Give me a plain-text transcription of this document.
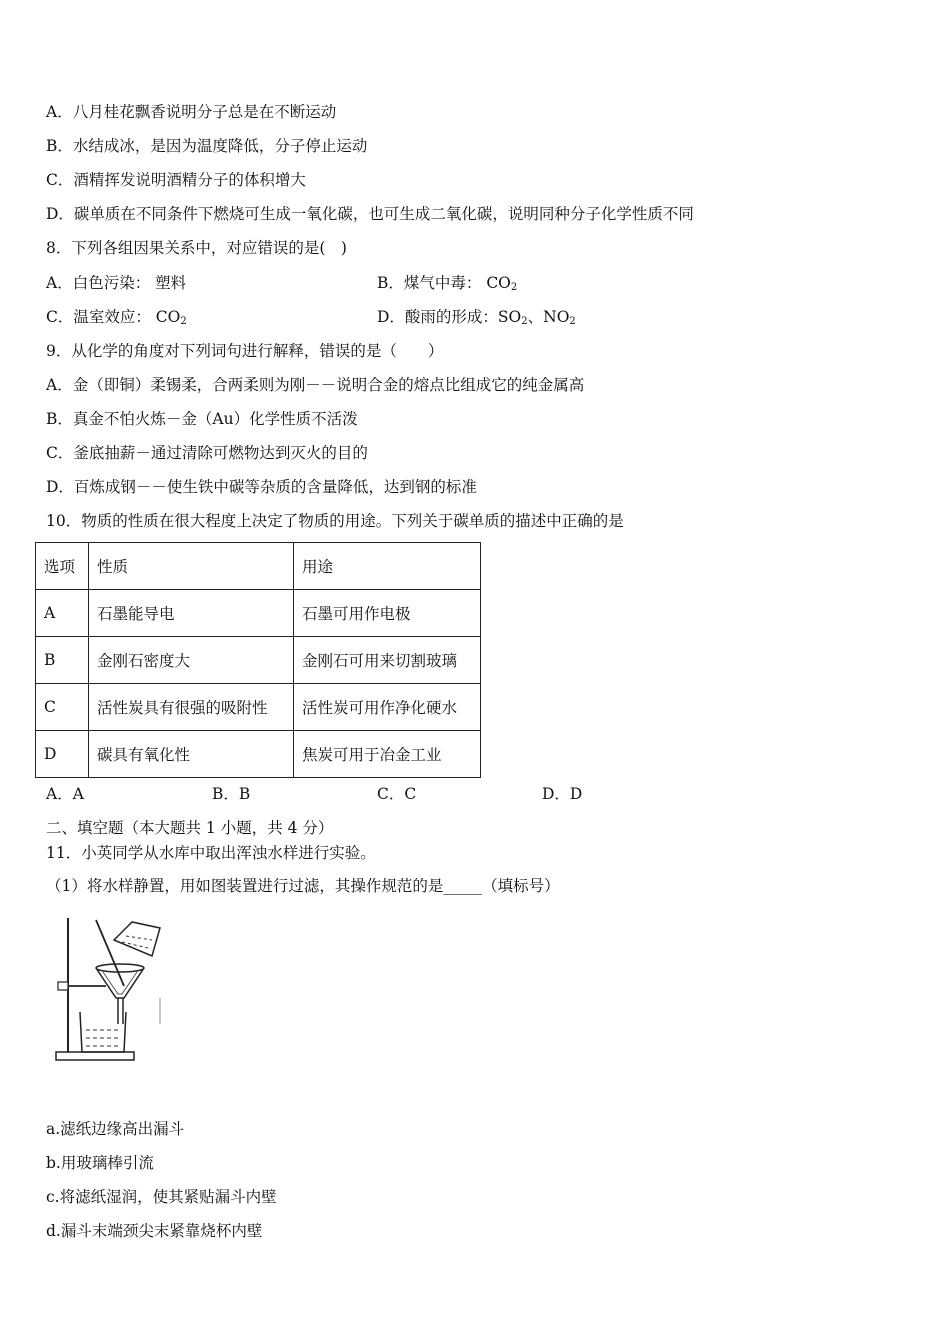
A．八月桂花飘香说明分子总是在不断运动
B．水结成冰，是因为温度降低，分子停止运动
C．酒精挥发说明酒精分子的体积增大
D．碳单质在不同条件下燃烧可生成一氧化碳，也可生成二氧化碳，说明同种分子化学性质不同
8．下列各组因果关系中，对应错误的是(　)
A．白色污染： 塑料	B．煤气中毒： $CO_2$
C．温室效应： $CO_2$	D．酸雨的形成：$SO_2$、$NO_2$
9．从化学的角度对下列词句进行解释，错误的是（　　）
A．金（即铜）柔锡柔，合两柔则为刚－－说明合金的熔点比组成它的纯金属高
B．真金不怕火炼－金（Au）化学性质不活泼
C．釜底抽薪－通过清除可燃物达到灭火的目的
D．百炼成钢－－使生铁中碳等杂质的含量降低，达到钢的标准
10．物质的性质在很大程度上决定了物质的用途。下列关于碳单质的描述中正确的是
选项	性质	用途
A	石墨能导电	石墨可用作电极
B	金刚石密度大	金刚石可用来切割玻璃
C	活性炭具有很强的吸附性	活性炭可用作净化硬水
D	碳具有氧化性	焦炭可用于冶金工业
A．A	B．B	C．C	D．D
二、填空题（本大题共 1 小题，共 4 分）
11．小英同学从水库中取出浑浊水样进行实验。
（1）将水样静置，用如图装置进行过滤，其操作规范的是_____（填标号）
a.滤纸边缘高出漏斗
b.用玻璃棒引流
c.将滤纸湿润，使其紧贴漏斗内壁
d.漏斗末端颈尖末紧靠烧杯内壁
